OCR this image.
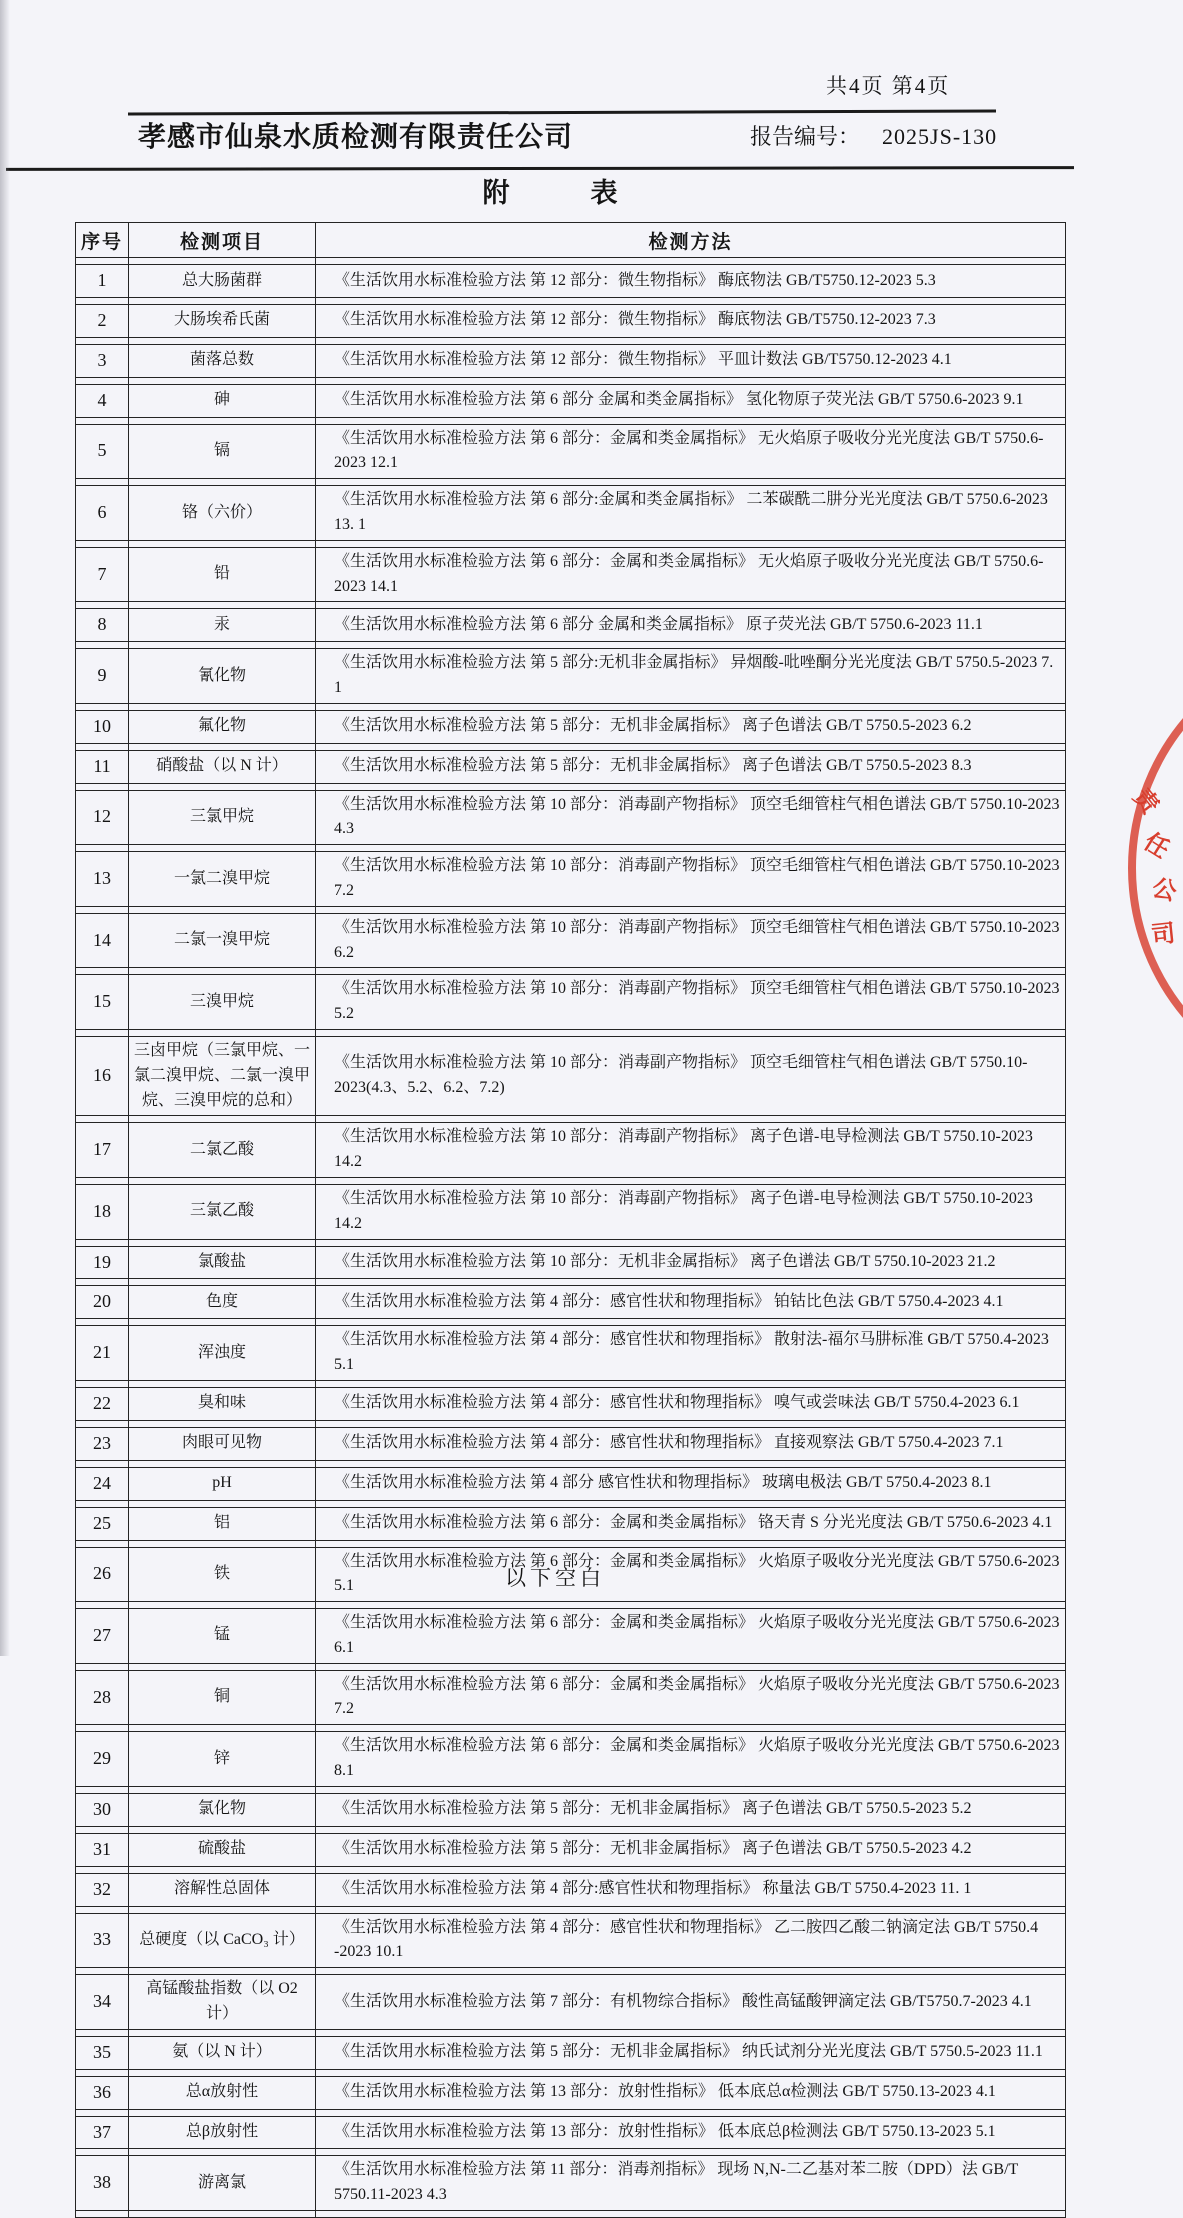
共4页 第4页
孝感市仙泉水质检测有限责任公司	报告编号： 2025JS-130
附　　　表
序号	检测项目	检测方法

1	总大肠菌群	《生活饮用水标准检验方法 第 12 部分：微生物指标》 酶底物法 GB/T5750.12-2023 5.3

2	大肠埃希氏菌	《生活饮用水标准检验方法 第 12 部分：微生物指标》 酶底物法 GB/T5750.12-2023 7.3

3	菌落总数	《生活饮用水标准检验方法 第 12 部分：微生物指标》 平皿计数法 GB/T5750.12-2023 4.1

4	砷	《生活饮用水标准检验方法 第 6 部分 金属和类金属指标》 氢化物原子荧光法 GB/T 5750.6-2023 9.1

5	镉	《生活饮用水标准检验方法 第 6 部分：金属和类金属指标》 无火焰原子吸收分光光度法 GB/T 5750.6-2023 12.1

6	铬（六价）	《生活饮用水标准检验方法 第 6 部分:金属和类金属指标》 二苯碳酰二肼分光光度法 GB/T 5750.6-2023 13. 1

7	铅	《生活饮用水标准检验方法 第 6 部分：金属和类金属指标》 无火焰原子吸收分光光度法 GB/T 5750.6-2023 14.1

8	汞	《生活饮用水标准检验方法 第 6 部分 金属和类金属指标》 原子荧光法 GB/T 5750.6-2023 11.1

9	氰化物	《生活饮用水标准检验方法 第 5 部分:无机非金属指标》 异烟酸-吡唑酮分光光度法 GB/T 5750.5-2023 7. 1

10	氟化物	《生活饮用水标准检验方法 第 5 部分：无机非金属指标》 离子色谱法 GB/T 5750.5-2023 6.2

11	硝酸盐（以 N 计）	《生活饮用水标准检验方法 第 5 部分：无机非金属指标》 离子色谱法 GB/T 5750.5-2023 8.3

12	三氯甲烷	《生活饮用水标准检验方法 第 10 部分：消毒副产物指标》 顶空毛细管柱气相色谱法 GB/T 5750.10-2023 4.3

13	一氯二溴甲烷	《生活饮用水标准检验方法 第 10 部分：消毒副产物指标》 顶空毛细管柱气相色谱法 GB/T 5750.10-2023 7.2

14	二氯一溴甲烷	《生活饮用水标准检验方法 第 10 部分：消毒副产物指标》 顶空毛细管柱气相色谱法 GB/T 5750.10-2023 6.2

15	三溴甲烷	《生活饮用水标准检验方法 第 10 部分：消毒副产物指标》 顶空毛细管柱气相色谱法 GB/T 5750.10-2023 5.2

16	三卤甲烷（三氯甲烷、一氯二溴甲烷、二氯一溴甲烷、三溴甲烷的总和）	《生活饮用水标准检验方法 第 10 部分：消毒副产物指标》 顶空毛细管柱气相色谱法 GB/T 5750.10-2023(4.3、5.2、6.2、7.2)

17	二氯乙酸	《生活饮用水标准检验方法 第 10 部分：消毒副产物指标》 离子色谱-电导检测法 GB/T 5750.10-2023 14.2

18	三氯乙酸	《生活饮用水标准检验方法 第 10 部分：消毒副产物指标》 离子色谱-电导检测法 GB/T 5750.10-2023 14.2

19	氯酸盐	《生活饮用水标准检验方法 第 10 部分：无机非金属指标》 离子色谱法 GB/T 5750.10-2023 21.2

20	色度	《生活饮用水标准检验方法 第 4 部分：感官性状和物理指标》 铂钴比色法 GB/T 5750.4-2023 4.1

21	浑浊度	《生活饮用水标准检验方法 第 4 部分：感官性状和物理指标》 散射法-福尔马肼标准 GB/T 5750.4-2023 5.1

22	臭和味	《生活饮用水标准检验方法 第 4 部分：感官性状和物理指标》 嗅气或尝味法 GB/T 5750.4-2023 6.1

23	肉眼可见物	《生活饮用水标准检验方法 第 4 部分：感官性状和物理指标》 直接观察法 GB/T 5750.4-2023 7.1

24	pH	《生活饮用水标准检验方法 第 4 部分 感官性状和物理指标》 玻璃电极法 GB/T 5750.4-2023 8.1

25	铝	《生活饮用水标准检验方法 第 6 部分：金属和类金属指标》 铬天青 S 分光光度法 GB/T 5750.6-2023 4.1

26	铁	《生活饮用水标准检验方法 第 6 部分：金属和类金属指标》 火焰原子吸收分光光度法 GB/T 5750.6-2023 5.1

27	锰	《生活饮用水标准检验方法 第 6 部分：金属和类金属指标》 火焰原子吸收分光光度法 GB/T 5750.6-2023 6.1

28	铜	《生活饮用水标准检验方法 第 6 部分：金属和类金属指标》 火焰原子吸收分光光度法 GB/T 5750.6-2023 7.2

29	锌	《生活饮用水标准检验方法 第 6 部分：金属和类金属指标》 火焰原子吸收分光光度法 GB/T 5750.6-2023 8.1

30	氯化物	《生活饮用水标准检验方法 第 5 部分：无机非金属指标》 离子色谱法 GB/T 5750.5-2023 5.2

31	硫酸盐	《生活饮用水标准检验方法 第 5 部分：无机非金属指标》 离子色谱法 GB/T 5750.5-2023 4.2

32	溶解性总固体	《生活饮用水标准检验方法 第 4 部分:感官性状和物理指标》 称量法 GB/T 5750.4-2023 11. 1

33	总硬度（以 CaCO₃ 计）	《生活饮用水标准检验方法 第 4 部分：感官性状和物理指标》 乙二胺四乙酸二钠滴定法 GB/T 5750.4 -2023 10.1

34	高锰酸盐指数（以 O2 计）	《生活饮用水标准检验方法 第 7 部分：有机物综合指标》 酸性高锰酸钾滴定法 GB/T5750.7-2023 4.1

35	氨（以 N 计）	《生活饮用水标准检验方法 第 5 部分：无机非金属指标》 纳氏试剂分光光度法 GB/T 5750.5-2023 11.1

36	总α放射性	《生活饮用水标准检验方法 第 13 部分：放射性指标》 低本底总α检测法 GB/T 5750.13-2023 4.1

37	总β放射性	《生活饮用水标准检验方法 第 13 部分：放射性指标》 低本底总β检测法 GB/T 5750.13-2023 5.1

38	游离氯	《生活饮用水标准检验方法 第 11 部分：消毒剂指标》 现场 N,N-二乙基对苯二胺（DPD）法 GB/T 5750.11-2023 4.3

以下空白
责
任
公
司
